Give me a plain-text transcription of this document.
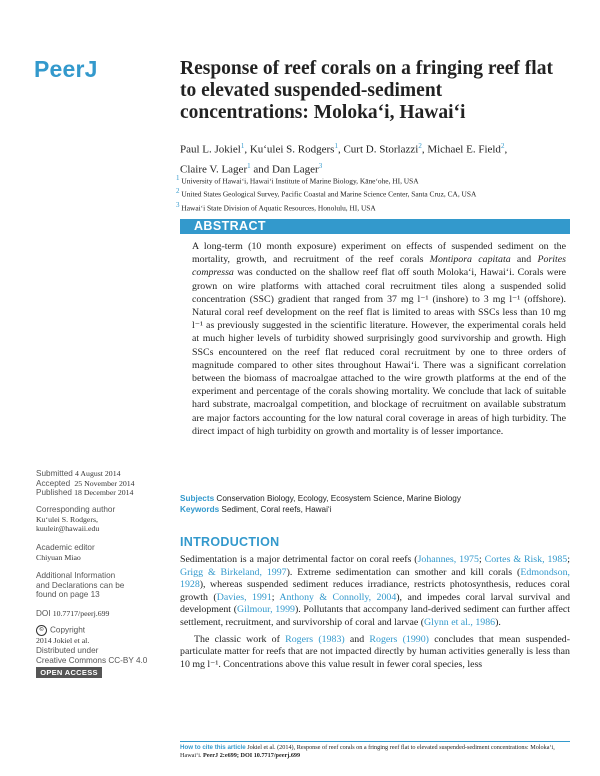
PeerJ	Response of reef corals on a fringing reef flat to elevated suspended-sediment concentrations: Moloka‘i, Hawai‘i
Paul L. Jokiel$^1$, Ku‘ulei S. Rodgers$^1$, Curt D. Storlazzi$^2$, Michael E. Field$^2$,
Claire V. Lager$^1$ and Dan Lager$^3$
$^1$ University of Hawai‘i, Hawai‘i Institute of Marine Biology, Kāne‘ohe, HI, USA
$^2$ United States Geological Survey, Pacific Coastal and Marine Science Center, Santa Cruz, CA, USA
$^3$ Hawai‘i State Division of Aquatic Resources, Honolulu, HI, USA
ABSTRACT
A long-term (10 month exposure) experiment on effects of suspended sediment on the mortality, growth, and recruitment of the reef corals Montipora capitata and Porites compressa was conducted on the shallow reef flat off south Moloka‘i, Hawai‘i. Corals were grown on wire platforms with attached coral recruitment tiles along a suspended solid concentration (SSC) gradient that ranged from 37 mg l⁻¹ (inshore) to 3 mg l⁻¹ (offshore). Natural coral reef development on the reef flat is limited to areas with SSCs less than 10 mg l⁻¹ as previously suggested in the scientific literature. However, the experimental corals held at much higher levels of turbidity showed surprisingly good survivorship and growth. High SSCs encountered on the reef flat reduced coral recruitment by one to three orders of magnitude compared to other sites throughout Hawai‘i. There was a significant correlation between the biomass of macroalgae attached to the wire growth platforms at the end of the experiment and percentage of the corals showing mortality. We conclude that lack of suitable hard substrate, macroalgal competition, and blockage of recruitment on available substratum are major factors accounting for the low natural coral coverage in areas of high turbidity. The direct impact of high turbidity on growth and mortality is of lesser importance.
Submitted 4 August 2014
Accepted 25 November 2014
Published 18 December 2014
Corresponding author
Ku‘ulei S. Rodgers,
kuuleir@hawaii.edu
Academic editor
Chiyuan Miao
Additional Information and Declarations can be found on page 13
DOI 10.7717/peerj.699
© Copyright
2014 Jokiel et al.
Distributed under
Creative Commons CC-BY 4.0
OPEN ACCESS
Subjects Conservation Biology, Ecology, Ecosystem Science, Marine Biology
Keywords Sediment, Coral reefs, Hawai‘i
INTRODUCTION

Sedimentation is a major detrimental factor on coral reefs (Johannes, 1975; Cortes & Risk, 1985; Grigg & Birkeland, 1997). Extreme sedimentation can smother and kill corals (Edmondson, 1928), whereas suspended sediment reduces irradiance, restricts photosynthesis, reduces coral growth (Davies, 1991; Anthony & Connolly, 2004), and impedes coral larval survival and development (Gilmour, 1999). Pollutants that accompany land-derived sediment can further affect settlement, recruitment, and survivorship of coral and larvae (Glynn et al., 1986).

The classic work of Rogers (1983) and Rogers (1990) concludes that mean suspended-particulate matter for reefs that are not impacted directly by human activities generally is less than 10 mg l⁻¹. Concentrations above this value result in fewer coral species, less

How to cite this article Jokiel et al. (2014), Response of reef corals on a fringing reef flat to elevated suspended-sediment concentrations: Moloka‘i, Hawai‘i. PeerJ 2:e699; DOI 10.7717/peerj.699
